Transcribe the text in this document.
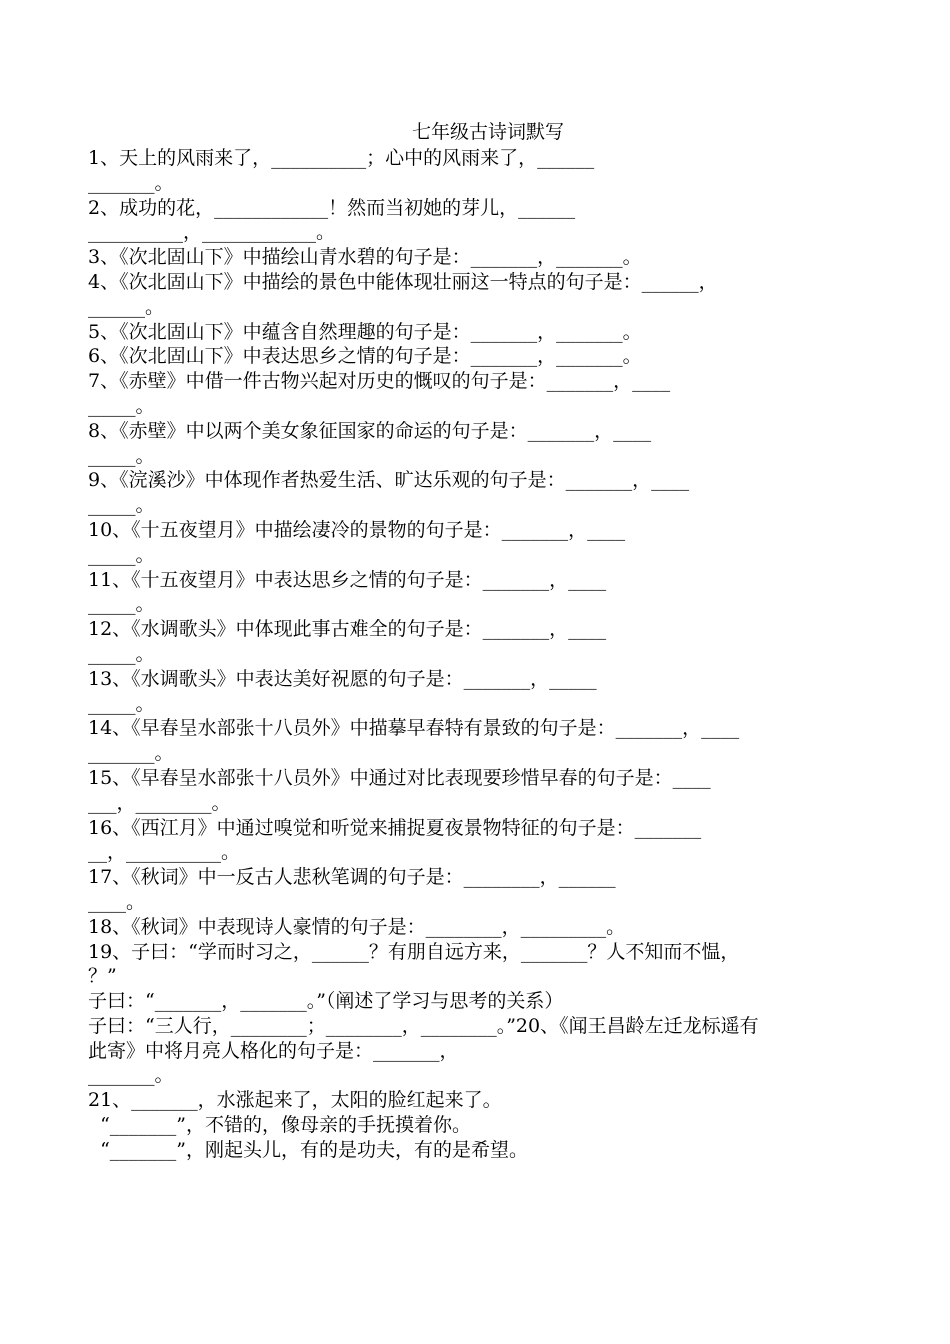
七年级古诗词默写
1、天上的风雨来了，__________；心中的风雨来了，______
_______。
2、成功的花，____________！然而当初她的芽儿，______
__________，____________。
3、《次北固山下》中描绘山青水碧的句子是：_______，_______。
4、《次北固山下》中描绘的景色中能体现壮丽这一特点的句子是：______，
______。
5、《次北固山下》中蕴含自然理趣的句子是：_______，_______。
6、《次北固山下》中表达思乡之情的句子是：_______，_______。
7、《赤壁》中借一件古物兴起对历史的慨叹的句子是：_______，____
_____。
8、《赤壁》中以两个美女象征国家的命运的句子是：_______，____
_____。
9、《浣溪沙》中体现作者热爱生活、旷达乐观的句子是：_______，____
_____。
10、《十五夜望月》中描绘凄冷的景物的句子是：_______，____
_____。
11、《十五夜望月》中表达思乡之情的句子是：_______，____
_____。
12、《水调歌头》中体现此事古难全的句子是：_______，____
_____。
13、《水调歌头》中表达美好祝愿的句子是：_______，_____
_____。
14、《早春呈水部张十八员外》中描摹早春特有景致的句子是：_______，____
_______。
15、《早春呈水部张十八员外》中通过对比表现要珍惜早春的句子是：____
___，________。
16、《西江月》中通过嗅觉和听觉来捕捉夏夜景物特征的句子是：_______
__，__________。
17、《秋词》中一反古人悲秋笔调的句子是：________，______
____。
18、《秋词》中表现诗人豪情的句子是：________，_________。
19、子曰：“学而时习之，______？有朋自远方来，_______？人不知而不愠，
？”
子曰：“_______，_______。”（阐述了学习与思考的关系）
子曰：“三人行，________；________，________。”20、《闻王昌龄左迁龙标遥有
此寄》中将月亮人格化的句子是：_______，
_______。
21、_______，水涨起来了，太阳的脸红起来了。
“_______”，不错的，像母亲的手抚摸着你。
“_______”，刚起头儿，有的是功夫，有的是希望。
